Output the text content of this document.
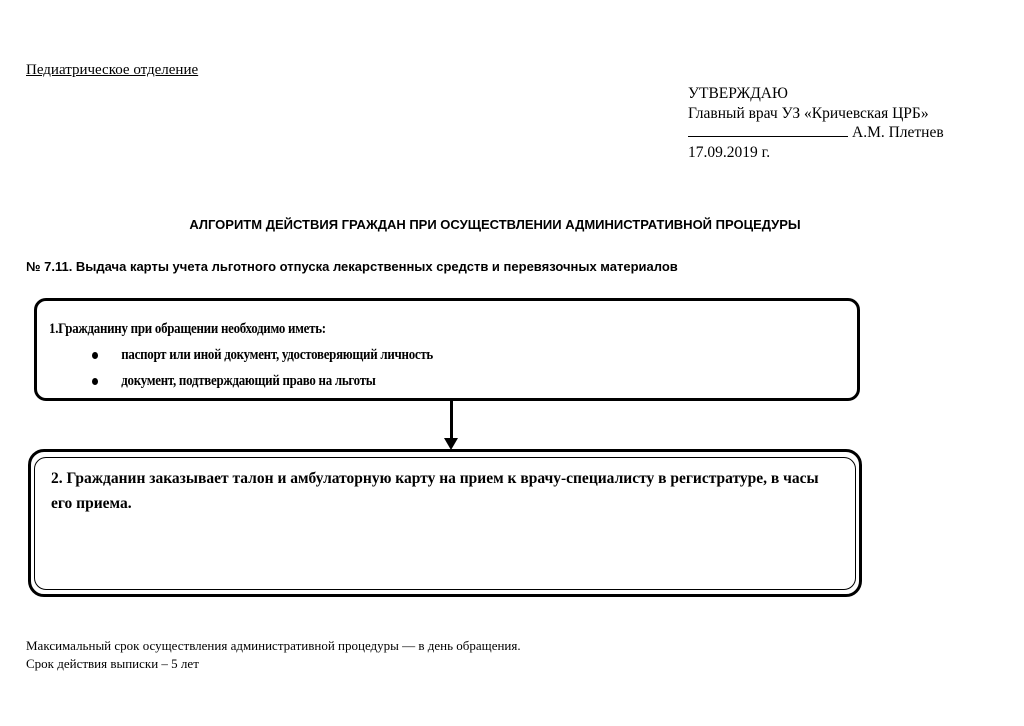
Педиатрическое отделение
УТВЕРЖДАЮ
Главный врач УЗ «Кричевская ЦРБ»
А.М. Плетнев
17.09.2019 г.
АЛГОРИТМ ДЕЙСТВИЯ ГРАЖДАН ПРИ ОСУЩЕСТВЛЕНИИ АДМИНИСТРАТИВНОЙ ПРОЦЕДУРЫ
№ 7.11. Выдача карты учета льготного отпуска лекарственных средств и перевязочных материалов
1.Гражданину при обращении необходимо иметь:
паспорт или иной документ, удостоверяющий личность
документ, подтверждающий право на льготы
2. Гражданин заказывает талон и амбулаторную карту на прием к врачу-специалисту в регистратуре, в часы его приема.
Максимальный срок осуществления административной процедуры — в день обращения.
Срок действия выписки – 5 лет
